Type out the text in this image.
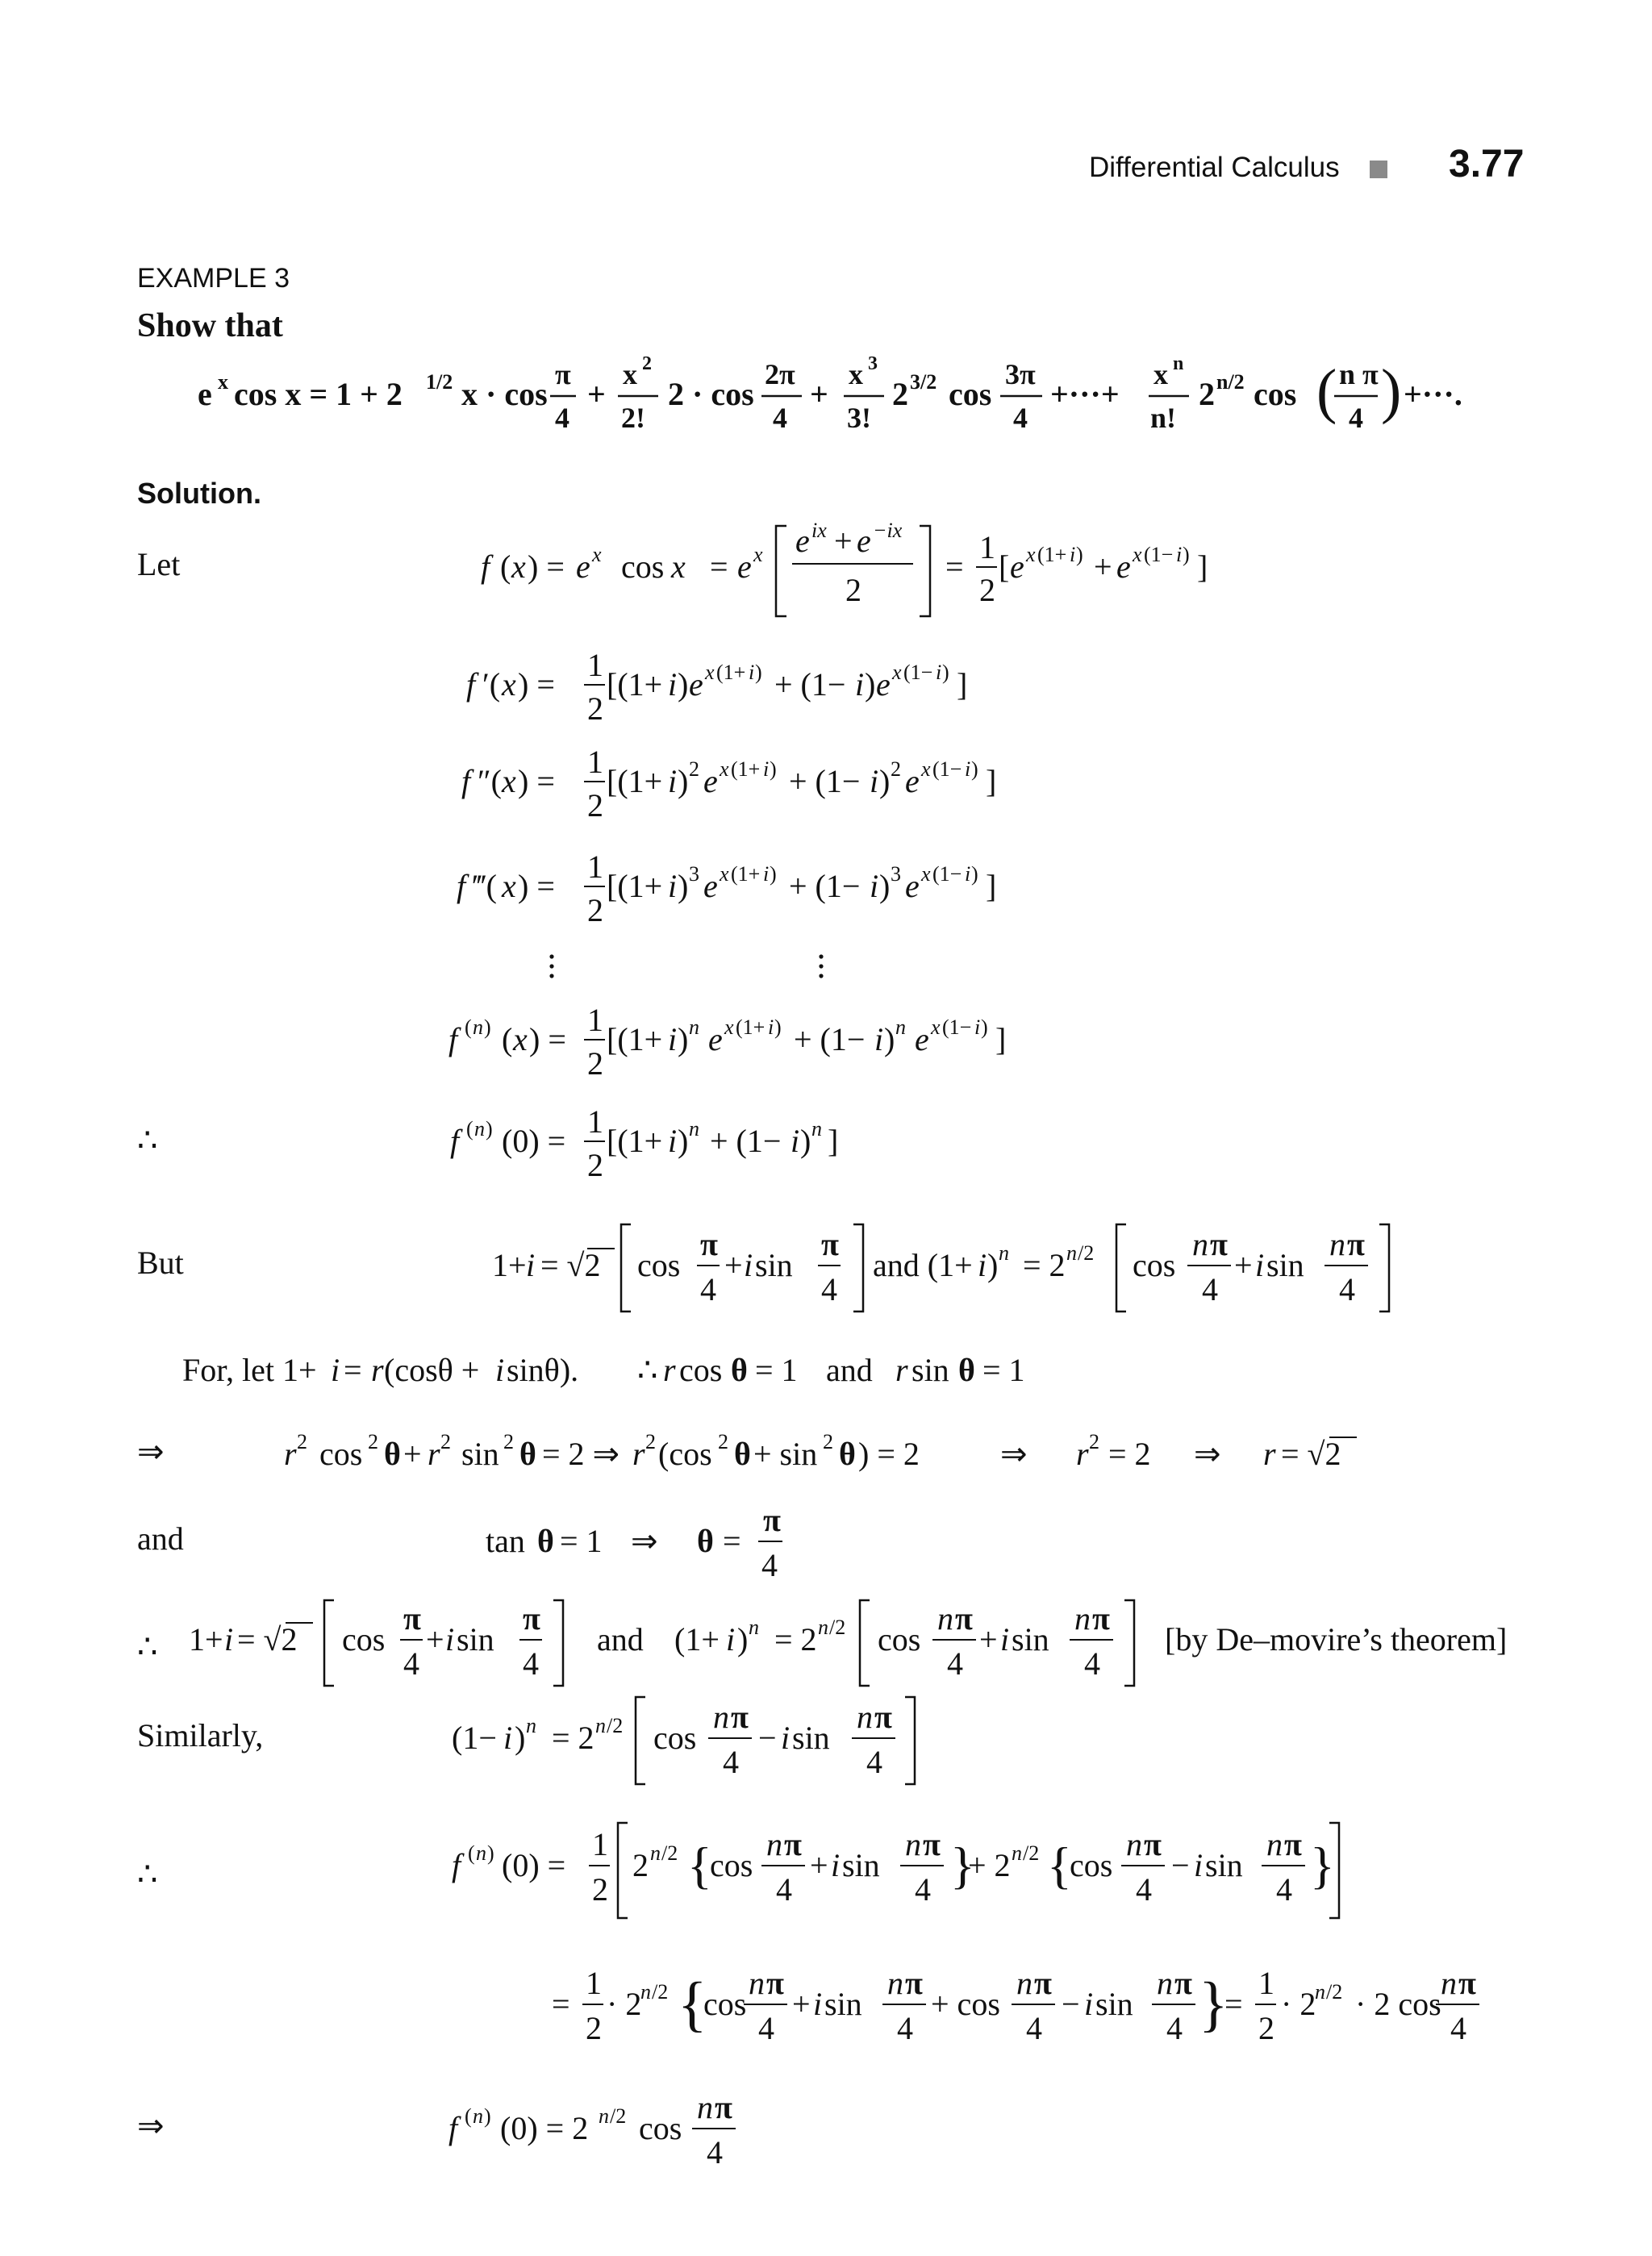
Differential Calculus	3.77
EXAMPLE 3
Show that
Solution.
Let
∴
But
⇒
and
∴
Similarly,
∴
⇒
e x cos x = 1 + 2 1/2 x · cos
π
4
+
x 2
2!
2 · cos
2π
4
+
x 3
3!
2 3/2 cos
3π
4
+···+
x n
n!
2 n/2 cos ( n π
4 ) +···.
f ( x ) = e x cos x = e x e ix + e −ix
2
=
1
2
[ e x (1+ i ) + e x (1− i ) ]
f ′( x ) =
1
2
[(1+ i ) e x (1+ i ) + (1− i ) e x (1− i ) ]
f ″( x ) =
1
2
[(1+ i ) 2 e x (1+ i ) + (1− i ) 2 e x (1− i ) ]
f ‴( x ) =
1
2
[(1+ i ) 3 e x (1+ i ) + (1− i ) 3 e x (1− i ) ]
f ( n ) ( x ) =
1
2
[(1+ i ) n e x (1+ i ) + (1− i ) n e x (1− i ) ]
f ( n ) (0) =
1
2
[(1+ i ) n + (1− i ) n ]
1+ i = √2 cos
π
4
+ i sin
π
4
and (1+ i ) n = 2 n /2 cos
n π
4
+ i sin
n π
4
For, let 1+ i = r (cosθ + i sinθ). ∴ r cos θ = 1 and r sin θ = 1
r 2 cos 2 θ + r 2 sin 2 θ = 2 ⇒ r 2 (cos 2 θ + sin 2 θ ) = 2	⇒ r 2 = 2 ⇒ r = √2
tan θ = 1 ⇒ θ =
π
4
1+ i = √2 cos
π
4
+ i sin
π
4
and (1+ i ) n = 2 n /2 cos
n π
4
+ i sin
n π
4
[by De–movire’s theorem]
(1− i ) n = 2 n /2 cos
n π
4
− i sin
n π
4
f ( n ) (0) =
1
2
2 n /2 {
cos
n π
4
+ i sin
n π
4 }
+ 2 n /2 {
cos
n π
4
− i sin
n π
4 }
=
1
2
· 2
n /2 {
cos
n π
4
+ i sin
n π
4
+ cos
n π
4
− i sin
n π
4 }
=
1
2
· 2
n /2 · 2 cos
n π
4
f ( n ) (0) = 2 n /2 cos
n π
4
